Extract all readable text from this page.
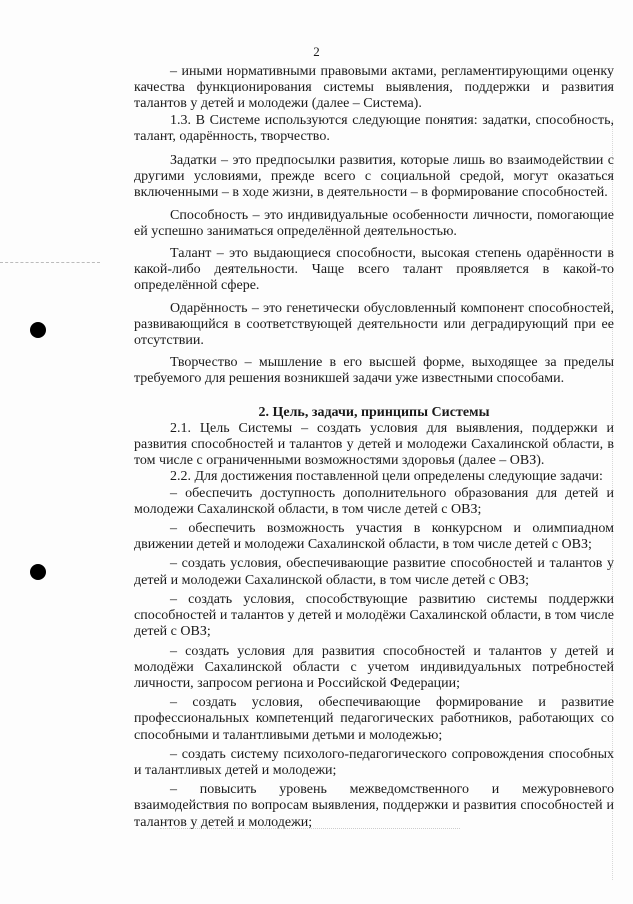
2

– иными нормативными правовыми актами, регламентирующими оценку качества функционирования системы выявления, поддержки и развития талантов у детей и молодежи (далее – Система).

1.3. В Системе используются следующие понятия: задатки, способность, талант, одарённость, творчество.

Задатки – это предпосылки развития, которые лишь во взаимодействии с другими условиями, прежде всего с социальной средой, могут оказаться включенными – в ходе жизни, в деятельности – в формирование способностей.

Способность – это индивидуальные особенности личности, помогающие ей успешно заниматься определённой деятельностью.

Талант – это выдающиеся способности, высокая степень одарённости в какой-либо деятельности. Чаще всего талант проявляется в какой-то определённой сфере.

Одарённость – это генетически обусловленный компонент способностей, развивающийся в соответствующей деятельности или деградирующий при ее отсутствии.

Творчество – мышление в его высшей форме, выходящее за пределы требуемого для решения возникшей задачи уже известными способами.

2. Цель, задачи, принципы Системы

2.1. Цель Системы – создать условия для выявления, поддержки и развития способностей и талантов у детей и молодежи Сахалинской области, в том числе с ограниченными возможностями здоровья (далее – ОВЗ).

2.2. Для достижения поставленной цели определены следующие задачи:

– обеспечить доступность дополнительного образования для детей и молодежи Сахалинской области, в том числе детей с ОВЗ;

– обеспечить возможность участия в конкурсном и олимпиадном движении детей и молодежи Сахалинской области, в том числе детей с ОВЗ;

– создать условия, обеспечивающие развитие способностей и талантов у детей и молодежи Сахалинской области, в том числе детей с ОВЗ;

– создать условия, способствующие развитию системы поддержки способностей и талантов у детей и молодёжи Сахалинской области, в том числе детей с ОВЗ;

– создать условия для развития способностей и талантов у детей и молодёжи Сахалинской области с учетом индивидуальных потребностей личности, запросом региона и Российской Федерации;

– создать условия, обеспечивающие формирование и развитие профессиональных компетенций педагогических работников, работающих со способными и талантливыми детьми и молодежью;

– создать систему психолого-педагогического сопровождения способных и талантливых детей и молодежи;

– повысить уровень межведомственного и межуровневого взаимодействия по вопросам выявления, поддержки и развития способностей и талантов у детей и молодежи;
